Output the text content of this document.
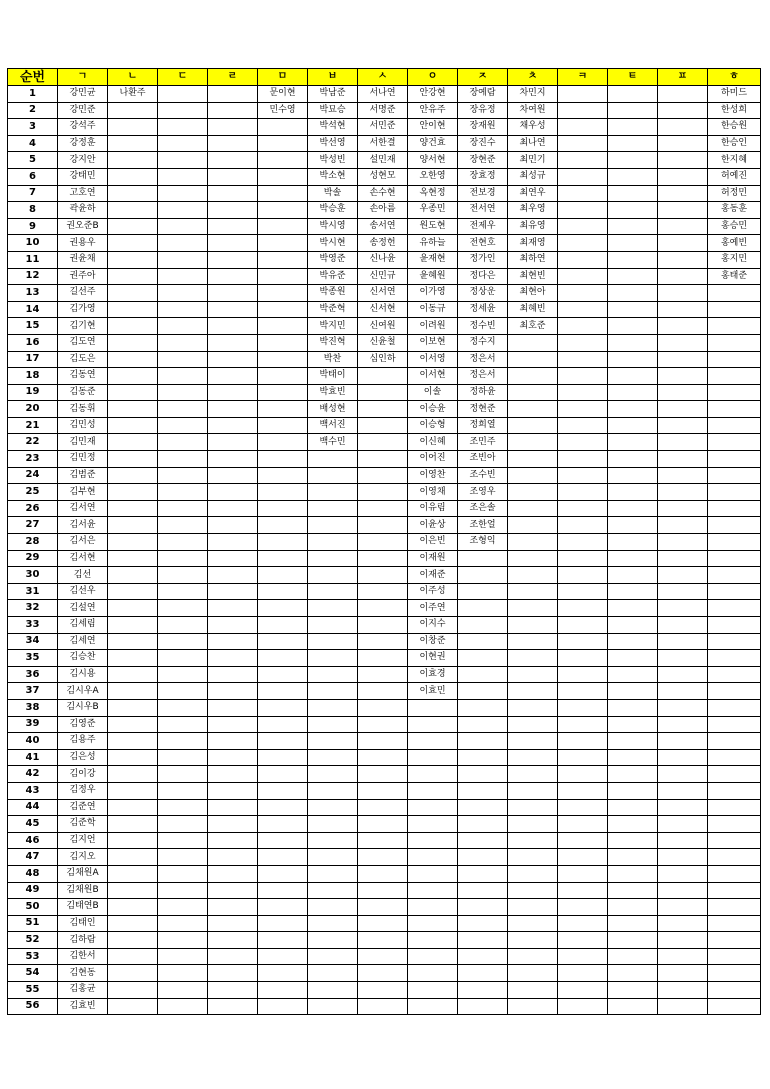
순번	ㄱ	ㄴ	ㄷ	ㄹ	ㅁ	ㅂ	ㅅ	ㅇ	ㅈ	ㅊ	ㅋ	ㅌ	ㅍ	ㅎ
1	강민균	나환주			문이현	박남준	서나연	안강현	장예람	차민지				하미드
2	강민준				민수영	박묘승	서명준	안유주	장유정	차여원				한성희
3	강석주					박석현	서민준	안이현	장재원	채우성				한승원
4	강정훈					박선영	서한결	양건효	장진수	최나연				한승인
5	강지안					박성빈	설민재	양서현	장현준	최민기				한지혜
6	강태민					박소현	성현모	오한영	장효정	최성규				허예진
7	고호연					박솔	손수현	옥현정	전보경	최연우				허정민
8	곽윤하					박승훈	손아름	우종민	전서연	최우영				홍동훈
9	권오준B					박시영	송서연	원도현	전제우	최유영				홍승민
10	권용우					박시현	송정헌	유하늘	전현호	최재영				홍예빈
11	권윤채					박영준	신나윤	윤재현	정가인	최하연				홍지민
12	권주아					박유준	신민규	윤혜원	정다은	최현빈				홍태준
13	길선주					박종원	신서연	이가영	정상운	최현아				
14	김가영					박준혁	신서현	이동규	정세윤	최혜빈				
15	김기현					박지민	신여원	이려원	정수빈	최호준				
16	김도연					박진혁	신윤철	이보현	정수지					
17	김도은					박찬	심인하	이서영	정은서					
18	김동연					박태이		이서현	정은서					
19	김동준					박효빈		이솔	정하윤					
20	김동휘					배성현		이승윤	정현준					
21	김민성					백서진		이승형	정희열					
22	김민재					백수민		이신혜	조민주					
23	김민정							이어진	조빈아					
24	김범준							이영찬	조수빈					
25	김부현							이영채	조영우					
26	김서연							이유림	조은솔					
27	김서윤							이윤상	조한얼					
28	김서은							이은빈	조형익					
29	김서현							이재원						
30	김선							이재준						
31	김선우							이주성						
32	김설연							이주연						
33	김세림							이지수						
34	김세연							이창준						
35	김승찬							이현권						
36	김시용							이효경						
37	김시우A							이효민						
38	김시우B													
39	김영준													
40	김용주													
41	김은성													
42	김이강													
43	김정우													
44	김준연													
45	김준학													
46	김지언													
47	김지오													
48	김채원A													
49	김채원B													
50	김태연B													
51	김태인													
52	김하람													
53	김한서													
54	김현동													
55	김홍균													
56	김효빈													
